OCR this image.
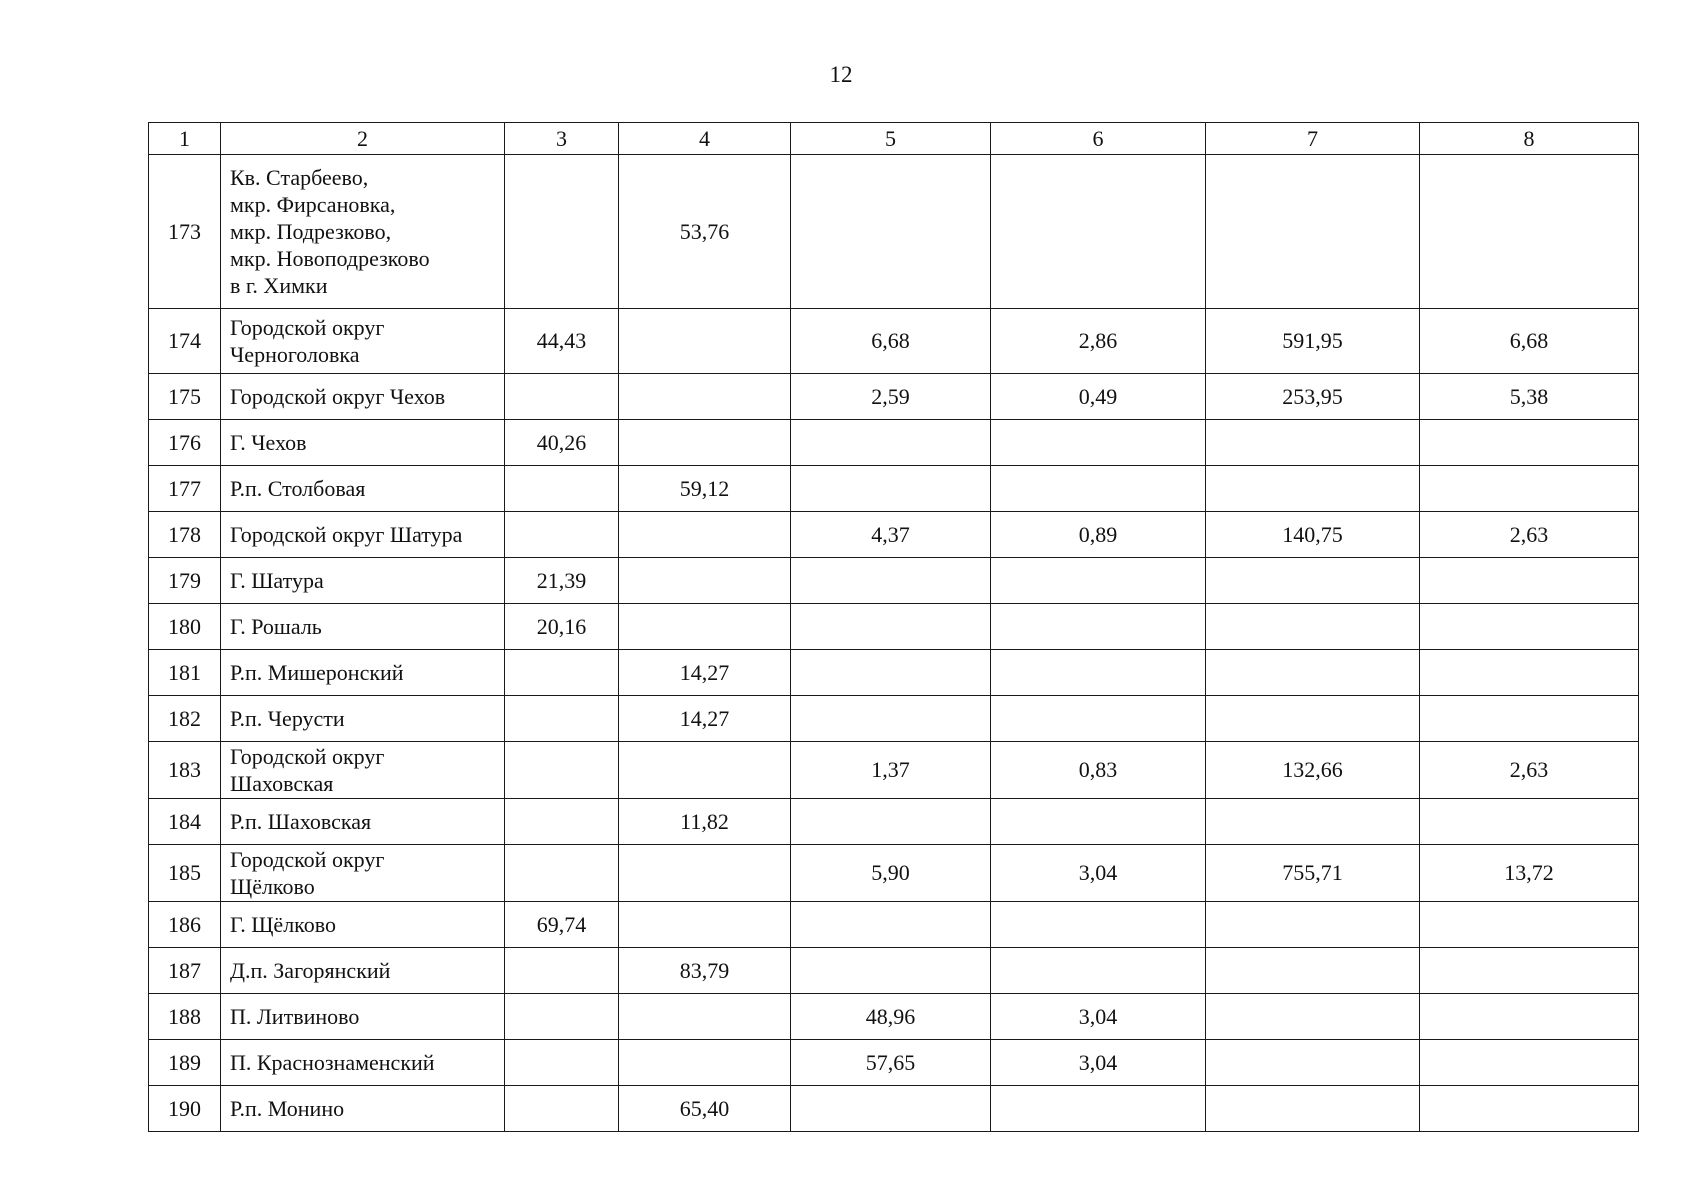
12
1	2	3	4	5	6	7	8
173	Кв. Старбеево,
мкр. Фирсановка,
мкр. Подрезково,
мкр. Новоподрезково
в г. Химки		53,76				
174	Городской округ
Черноголовка	44,43		6,68	2,86	591,95	6,68
175	Городской округ Чехов			2,59	0,49	253,95	5,38
176	Г. Чехов	40,26					
177	Р.п. Столбовая		59,12				
178	Городской округ Шатура			4,37	0,89	140,75	2,63
179	Г. Шатура	21,39					
180	Г. Рошаль	20,16					
181	Р.п. Мишеронский		14,27				
182	Р.п. Черусти		14,27				
183	Городской округ
Шаховская			1,37	0,83	132,66	2,63
184	Р.п. Шаховская		11,82				
185	Городской округ
Щёлково			5,90	3,04	755,71	13,72
186	Г. Щёлково	69,74					
187	Д.п. Загорянский		83,79				
188	П. Литвиново			48,96	3,04		
189	П. Краснознаменский			57,65	3,04		
190	Р.п. Монино		65,40				
